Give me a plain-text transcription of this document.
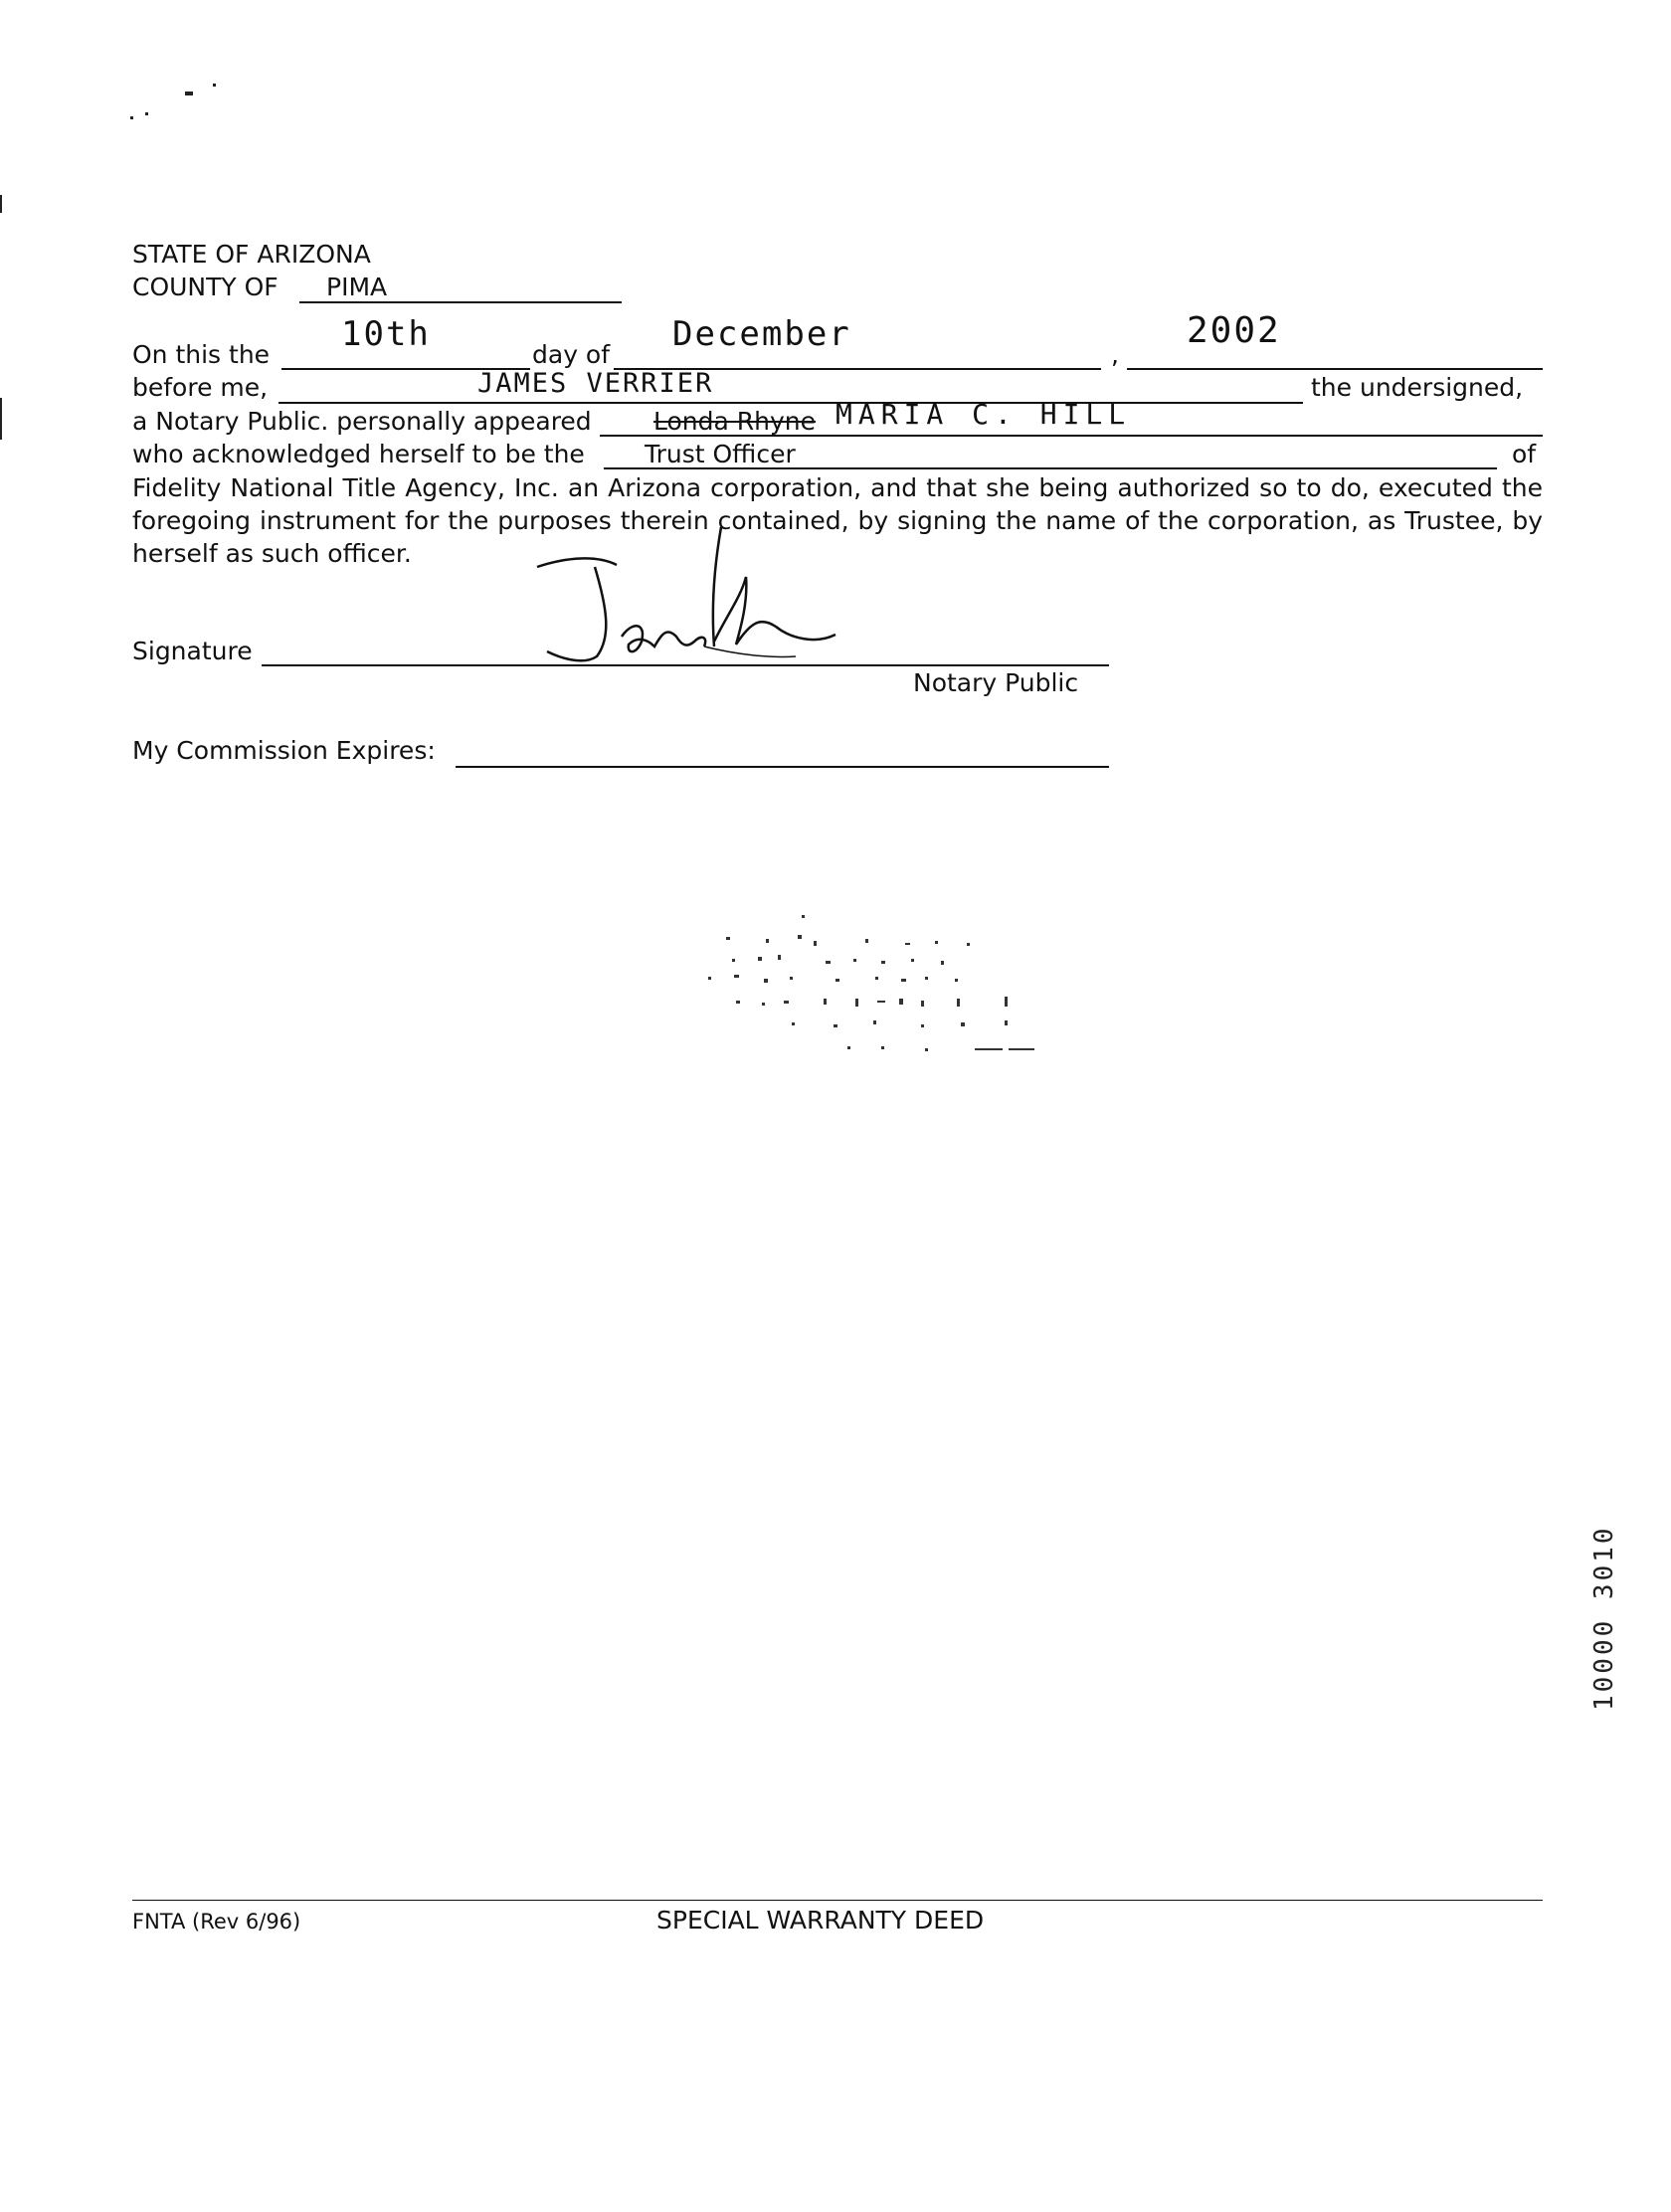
STATE OF ARIZONA
COUNTY OF PIMA
On this the
10th
day of
December
,
2002
before me,	JAMES VERRIER	the undersigned,
a Notary Public. personally appeared Londa Rhyne MARIA C. HILL
who acknowledged herself to be the Trust Officer	of
Fidelity National Title Agency, Inc. an Arizona corporation, and that she being authorized so to do, executed the foregoing instrument for the purposes therein contained, by signing the name of the corporation, as Trustee, by herself as such officer.
Signature
Notary Public
My Commission Expires:
10000 3010
FNTA (Rev 6/96)	SPECIAL WARRANTY DEED
